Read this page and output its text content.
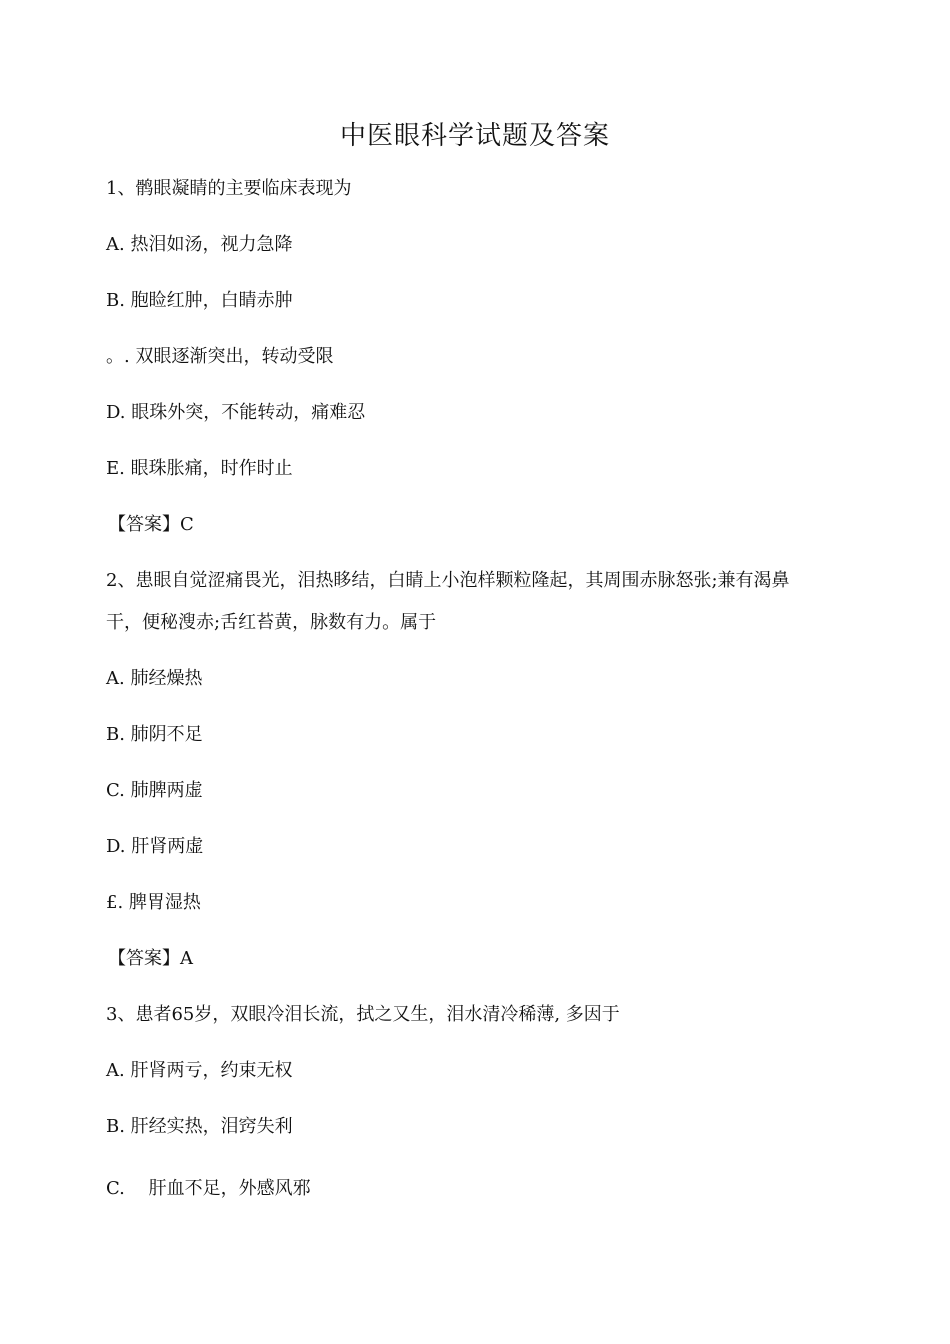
中医眼科学试题及答案
1、鹘眼凝睛的主要临床表现为
A. 热泪如汤，视力急降
B. 胞睑红肿，白睛赤肿
。. 双眼逐渐突出，转动受限
D. 眼珠外突，不能转动，痛难忍
E. 眼珠胀痛，时作时止
【答案】C
2、患眼自觉涩痛畏光，泪热眵结，白睛上小泡样颗粒隆起，其周围赤脉怒张;兼有渴鼻
干，便秘溲赤;舌红苔黄，脉数有力。属于
A. 肺经燥热
B. 肺阴不足
C. 肺脾两虚
D. 肝肾两虚
£. 脾胃湿热
【答案】A
3、患者65岁，双眼冷泪长流，拭之又生，泪水清冷稀薄, 多因于
A. 肝肾两亏，约束无权
B. 肝经实热，泪窍失利
C.　 肝血不足，外感风邪
